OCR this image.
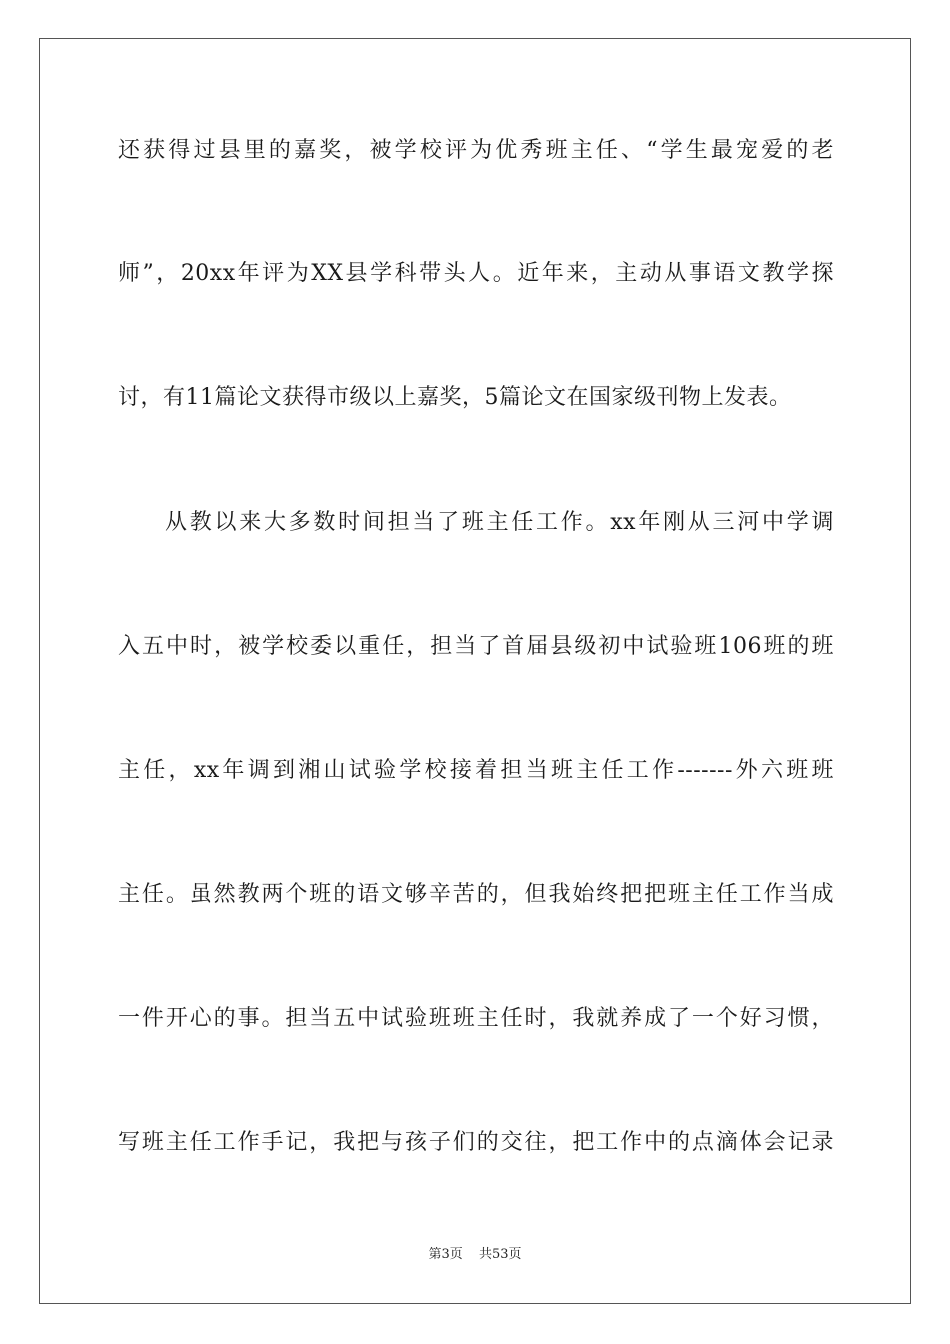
还获得过县里的嘉奖，被学校评为优秀班主任、“学生最宠爱的老
师”，20xx年评为XX县学科带头人。近年来，主动从事语文教学探
讨，有11篇论文获得市级以上嘉奖，5篇论文在国家级刊物上发表。
从教以来大多数时间担当了班主任工作。xx年刚从三河中学调
入五中时，被学校委以重任，担当了首届县级初中试验班106班的班
主任，xx年调到湘山试验学校接着担当班主任工作-------外六班班
主任。虽然教两个班的语文够辛苦的，但我始终把把班主任工作当成
一件开心的事。担当五中试验班班主任时，我就养成了一个好习惯，
写班主任工作手记，我把与孩子们的交往，把工作中的点滴体会记录
第3页 共53页
